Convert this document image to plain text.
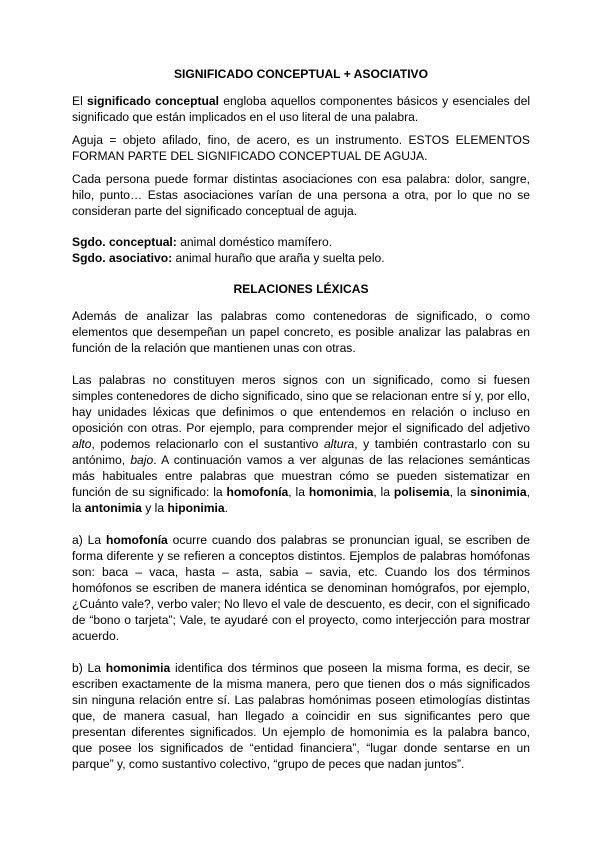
SIGNIFICADO CONCEPTUAL + ASOCIATIVO

El significado conceptual engloba aquellos componentes básicos y esenciales del significado que están implicados en el uso literal de una palabra.

Aguja = objeto afilado, fino, de acero, es un instrumento. ESTOS ELEMENTOS FORMAN PARTE DEL SIGNIFICADO CONCEPTUAL DE AGUJA.

Cada persona puede formar distintas asociaciones con esa palabra: dolor, sangre, hilo, punto… Estas asociaciones varían de una persona a otra, por lo que no se consideran parte del significado conceptual de aguja.

Sgdo. conceptual: animal doméstico mamífero.

Sgdo. asociativo: animal huraño que araña y suelta pelo.

RELACIONES LÉXICAS

Además de analizar las palabras como contenedoras de significado, o como elementos que desempeñan un papel concreto, es posible analizar las palabras en función de la relación que mantienen unas con otras.

Las palabras no constituyen meros signos con un significado, como si fuesen simples contenedores de dicho significado, sino que se relacionan entre sí y, por ello, hay unidades léxicas que definimos o que entendemos en relación o incluso en oposición con otras. Por ejemplo, para comprender mejor el significado del adjetivo alto, podemos relacionarlo con el sustantivo altura, y también contrastarlo con su antónimo, bajo. A continuación vamos a ver algunas de las relaciones semánticas más habituales entre palabras que muestran cómo se pueden sistematizar en función de su significado: la homofonía, la homonimia, la polisemia, la sinonimia, la antonimia y la hiponimia.

a) La homofonía ocurre cuando dos palabras se pronuncian igual, se escriben de forma diferente y se refieren a conceptos distintos. Ejemplos de palabras homófonas son: baca – vaca, hasta – asta, sabia – savia, etc. Cuando los dos términos homófonos se escriben de manera idéntica se denominan homógrafos, por ejemplo, ¿Cuánto vale?, verbo valer; No llevo el vale de descuento, es decir, con el significado de “bono o tarjeta”; Vale, te ayudaré con el proyecto, como interjección para mostrar acuerdo.

b) La homonimia identifica dos términos que poseen la misma forma, es decir, se escriben exactamente de la misma manera, pero que tienen dos o más significados sin ninguna relación entre sí. Las palabras homónimas poseen etimologías distintas que, de manera casual, han llegado a coincidir en sus significantes pero que presentan diferentes significados. Un ejemplo de homonimia es la palabra banco, que posee los significados de “entidad financiera”, “lugar donde sentarse en un parque” y, como sustantivo colectivo, “grupo de peces que nadan juntos”.
